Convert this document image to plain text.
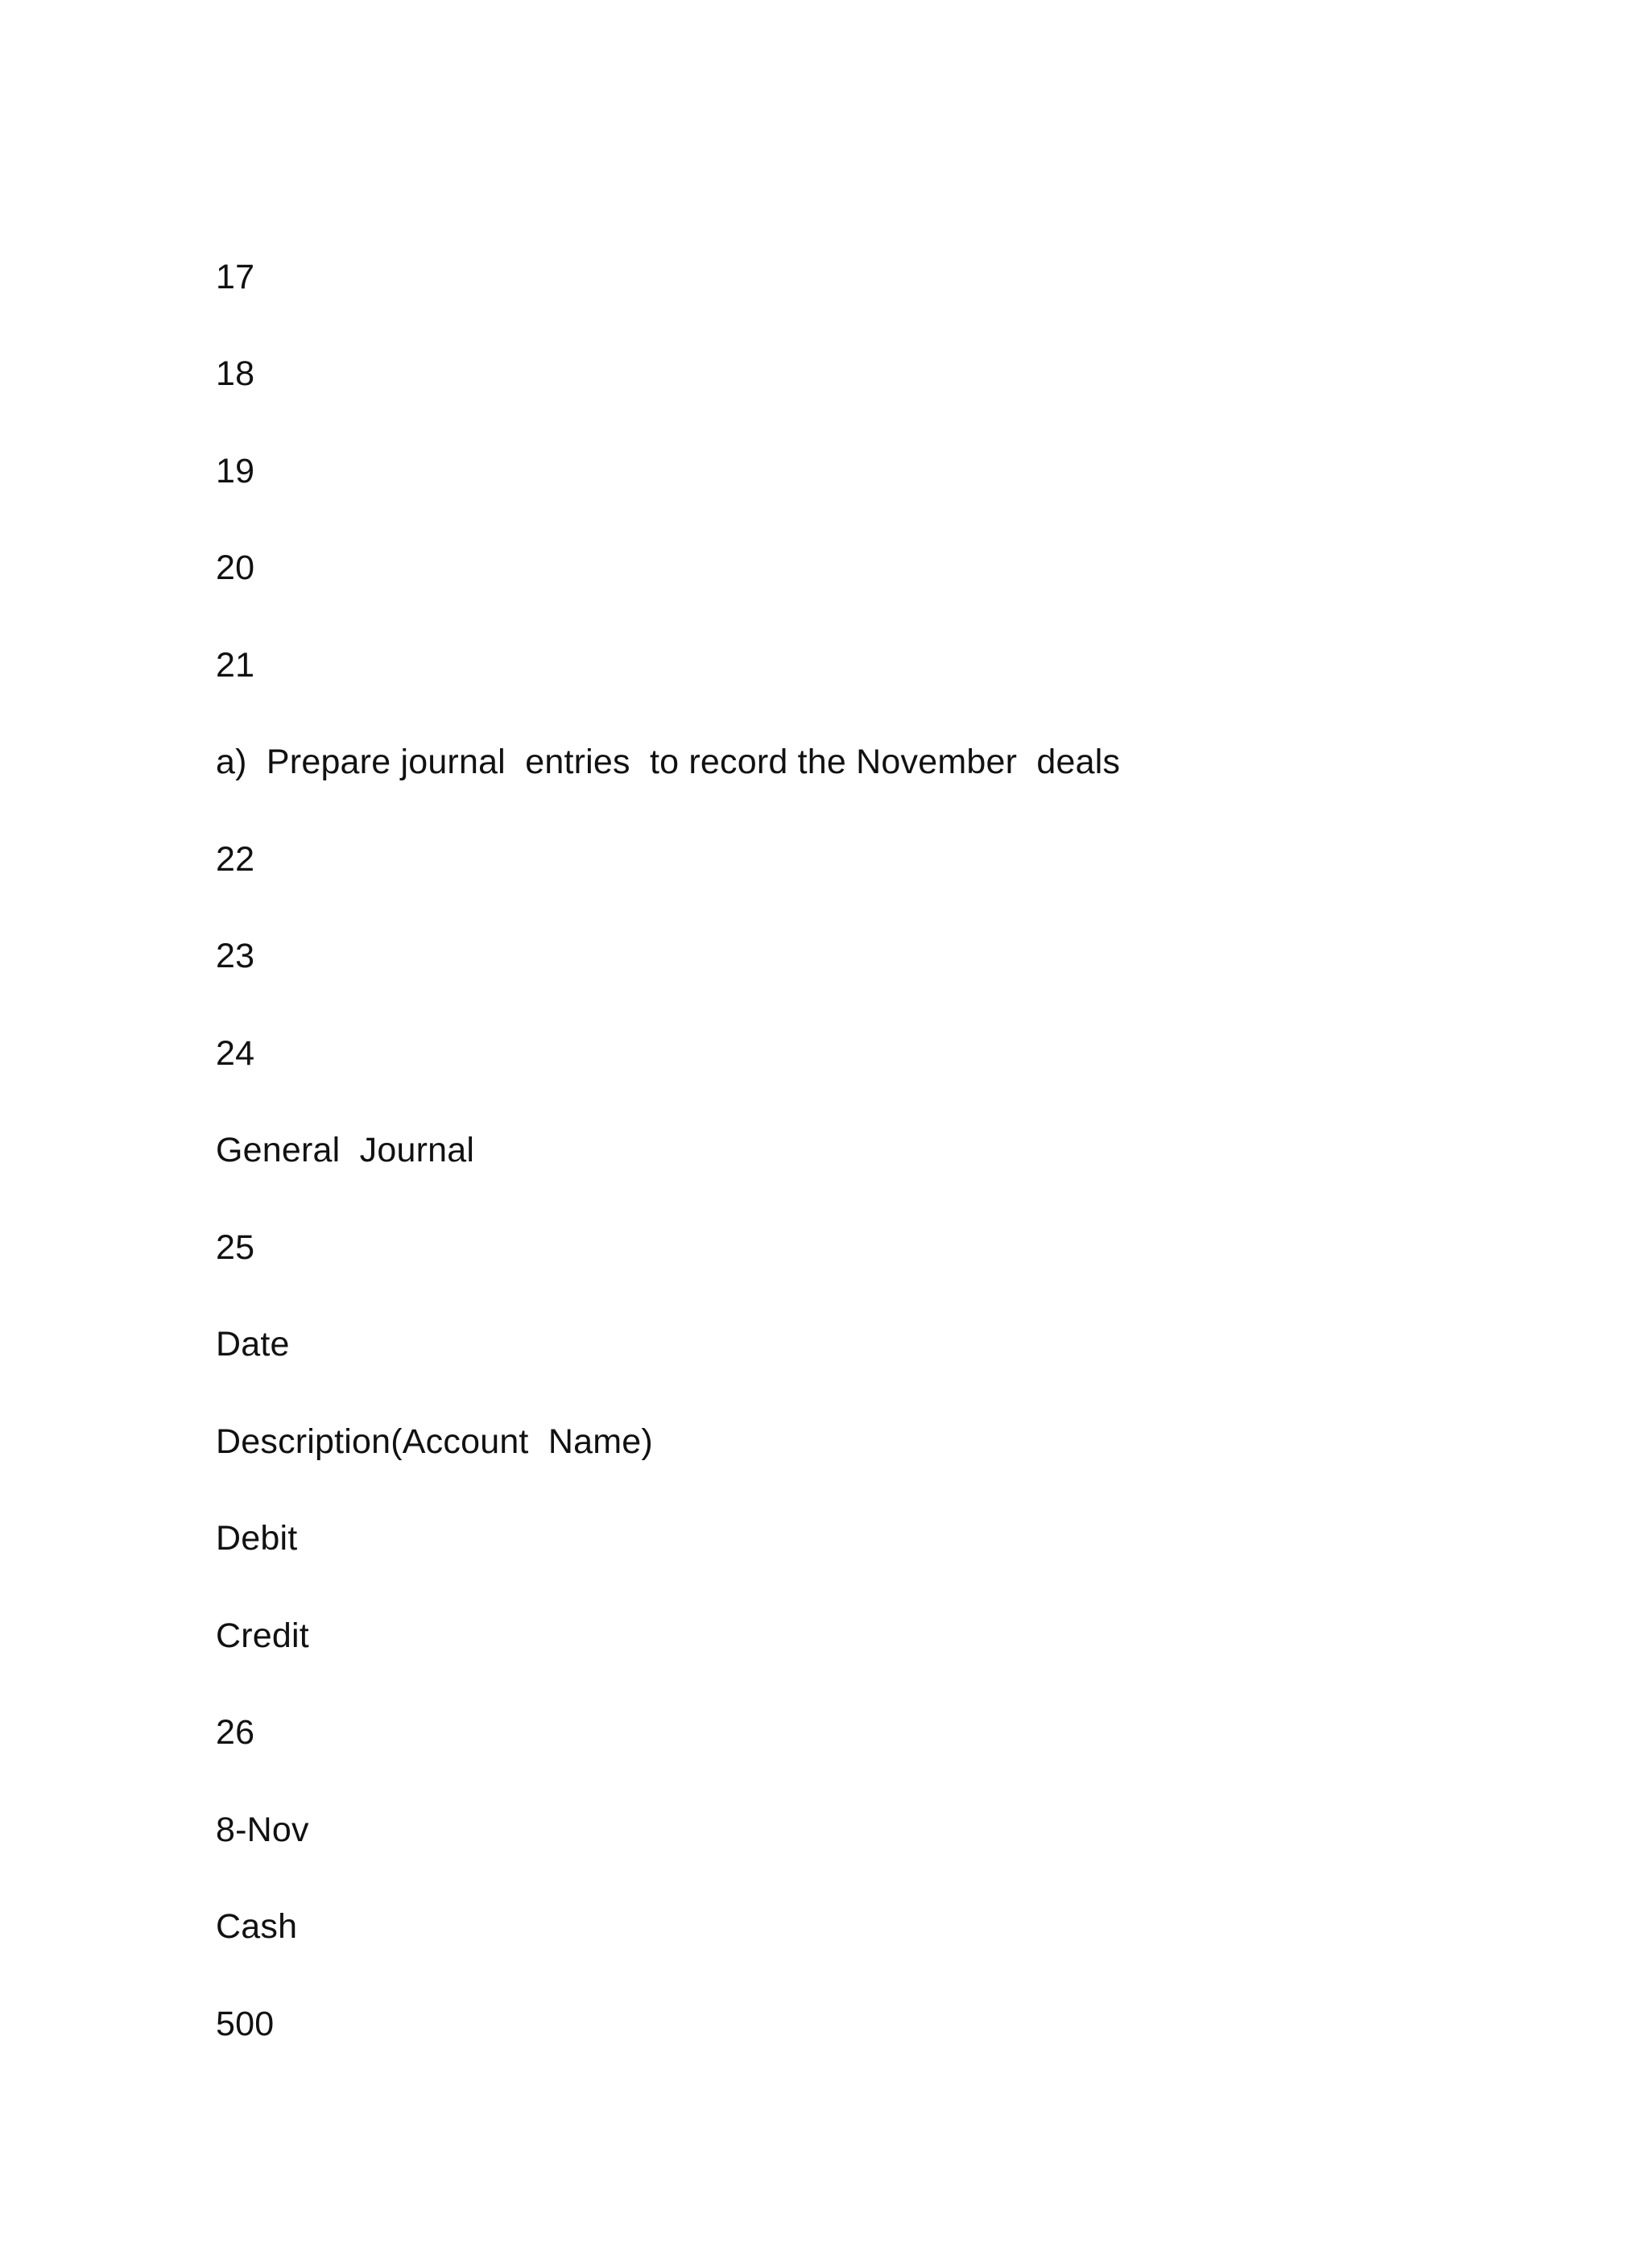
17
18
19
20
21
a)  Prepare journal  entries  to record the November  deals
22
23
24
General  Journal
25
Date
Description(Account  Name)
Debit
Credit
26
8-Nov
Cash
500
